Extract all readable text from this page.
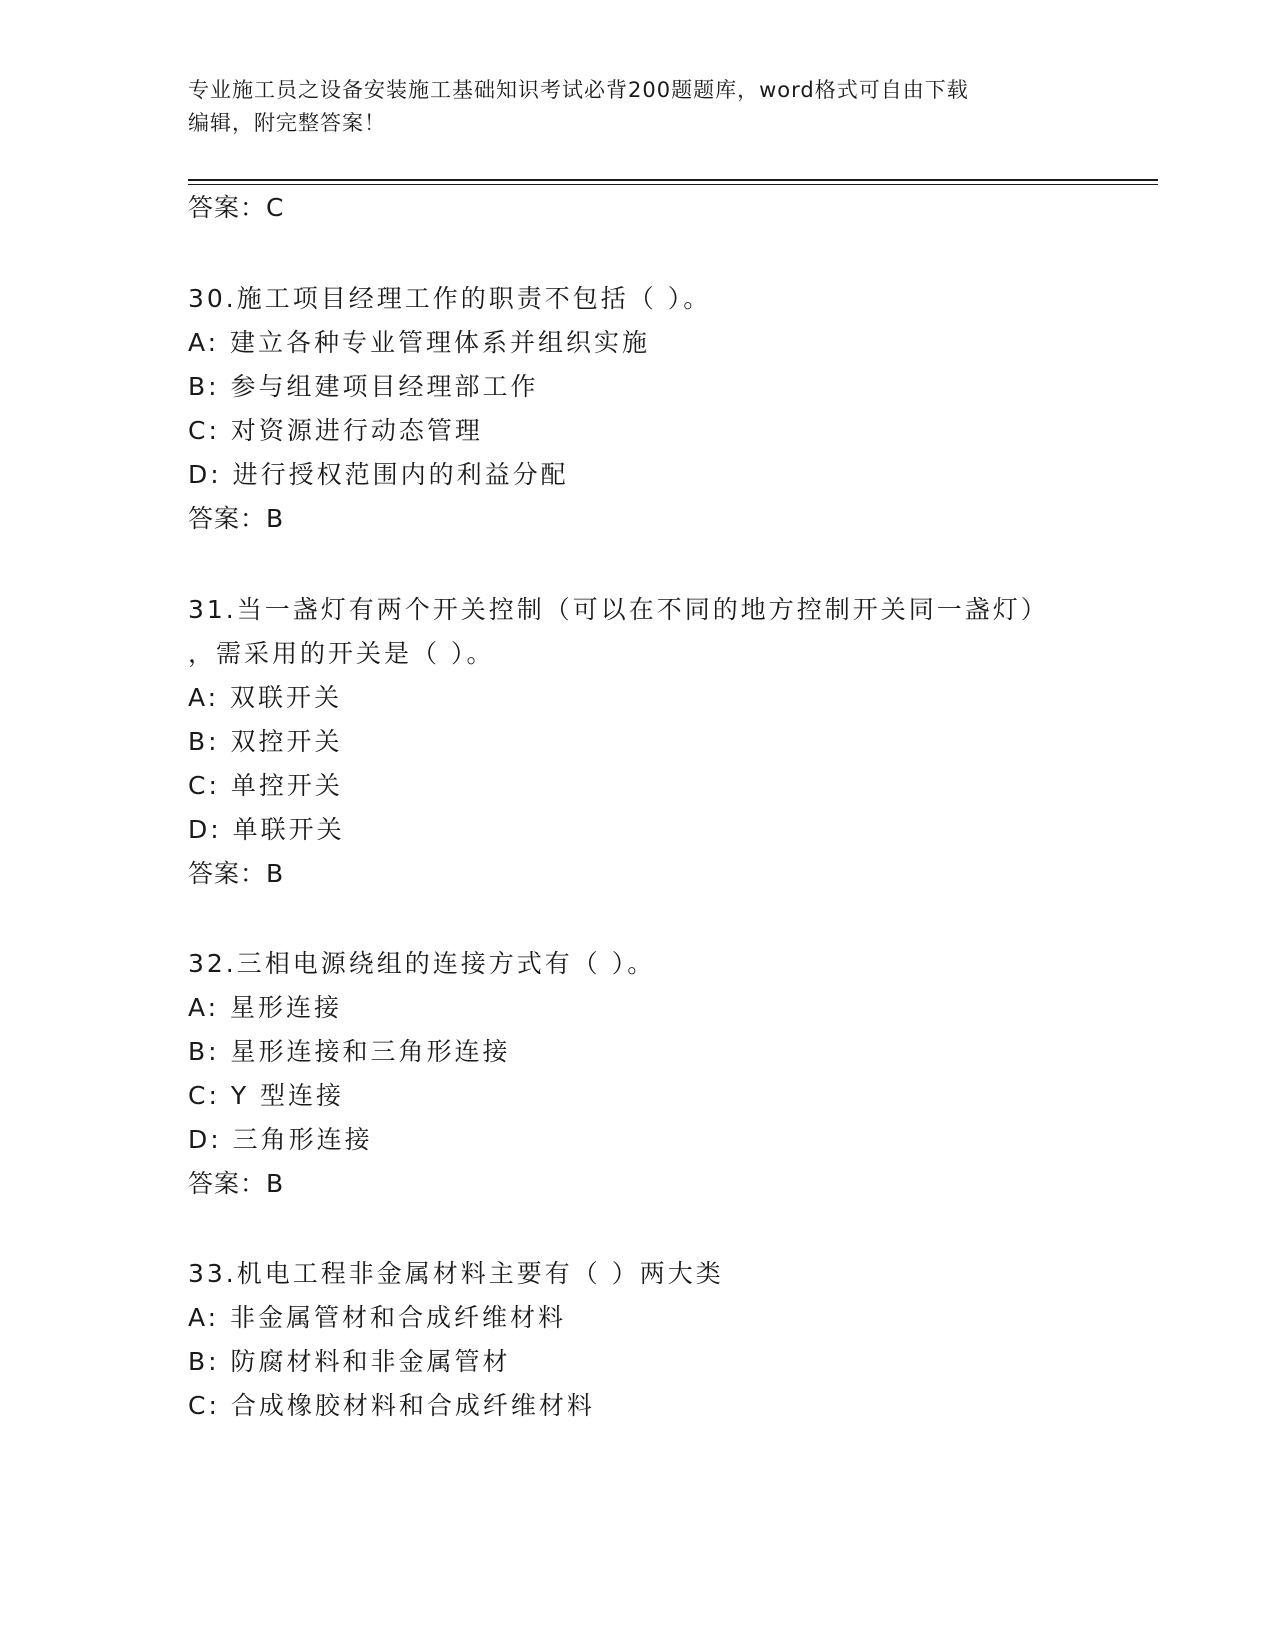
专业施工员之设备安装施工基础知识考试必背200题题库，word格式可自由下载
编辑，附完整答案！
答案：C
30.施工项目经理工作的职责不包括（ ）。
A: 建立各种专业管理体系并组织实施
B: 参与组建项目经理部工作
C: 对资源进行动态管理
D: 进行授权范围内的利益分配
答案：B
31.当一盏灯有两个开关控制（可以在不同的地方控制开关同一盏灯）
，需采用的开关是（ ）。
A: 双联开关
B: 双控开关
C: 单控开关
D: 单联开关
答案：B
32.三相电源绕组的连接方式有（ ）。
A: 星形连接
B: 星形连接和三角形连接
C: Y 型连接
D: 三角形连接
答案：B
33.机电工程非金属材料主要有（ ）两大类
A: 非金属管材和合成纤维材料
B: 防腐材料和非金属管材
C: 合成橡胶材料和合成纤维材料
